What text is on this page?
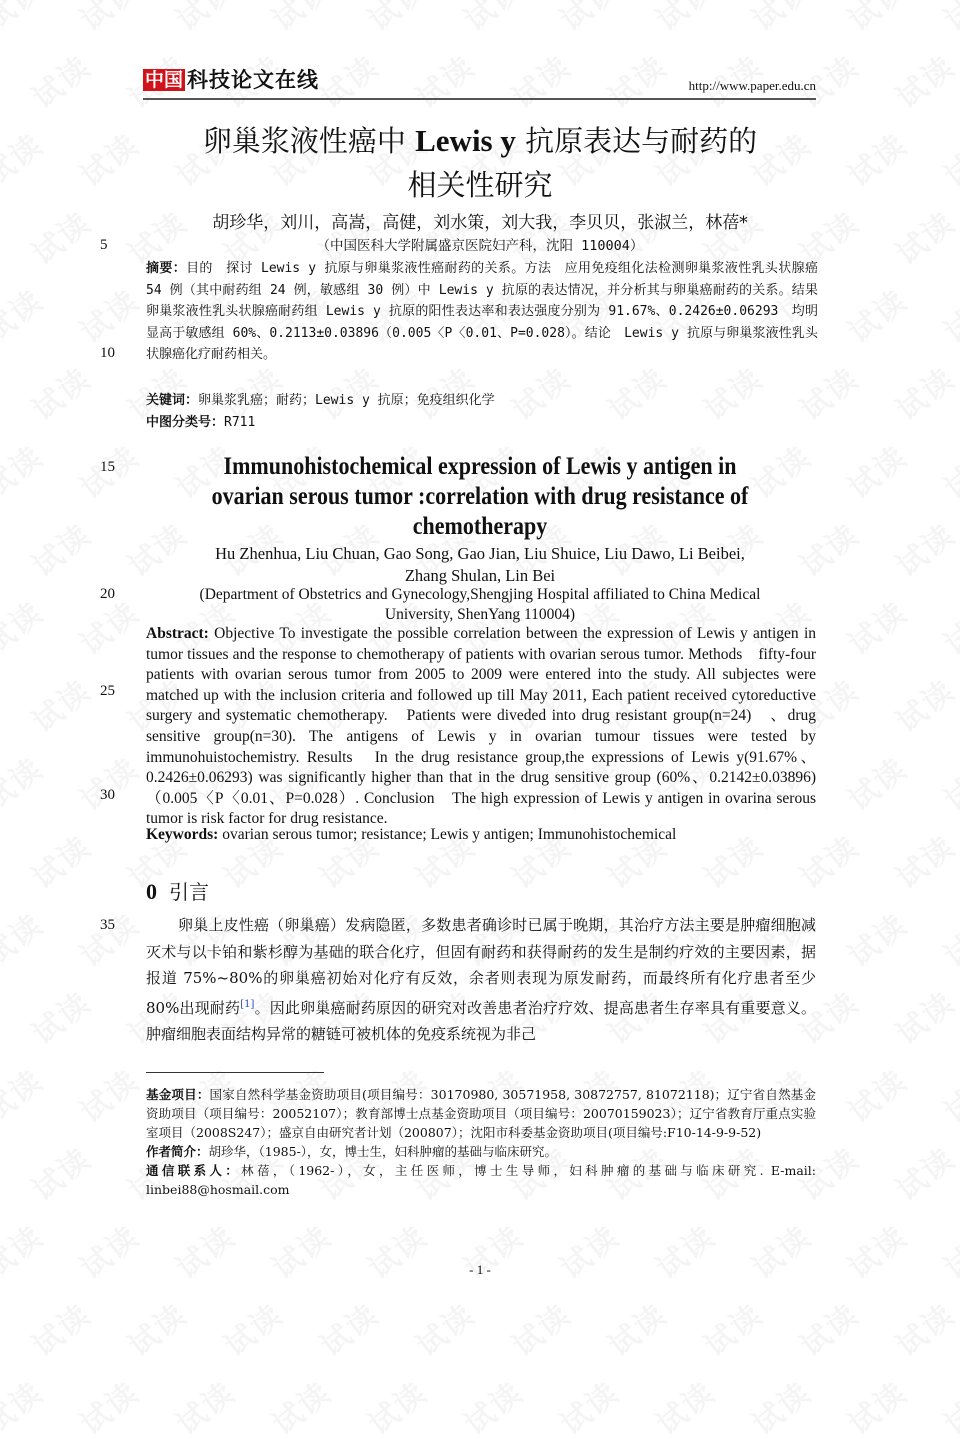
中国 科技论文在线	http://www.paper.edu.cn
卵巢浆液性癌中 Lewis y 抗原表达与耐药的
相关性研究
胡珍华，刘川，高嵩，高健，刘水策，刘大我，李贝贝，张淑兰，林蓓*
（中国医科大学附属盛京医院妇产科，沈阳 110004）
5
10
15
20
25
30
35
摘要：目的　探讨 Lewis y 抗原与卵巢浆液性癌耐药的关系。方法　应用免疫组化法检测卵巢浆液性乳头状腺癌 54 例（其中耐药组 24 例，敏感组 30 例）中 Lewis y 抗原的表达情况，并分析其与卵巢癌耐药的关系。结果　卵巢浆液性乳头状腺癌耐药组 Lewis y 抗原的阳性表达率和表达强度分别为 91.67%、0.2426±0.06293　均明显高于敏感组 60%、0.2113±0.03896（0.005〈P〈0.01、P=0.028）。结论　Lewis y 抗原与卵巢浆液性乳头状腺癌化疗耐药相关。
关键词：卵巢浆乳癌；耐药；Lewis y 抗原；免疫组织化学
中图分类号：R711
Immunohistochemical expression of Lewis y antigen in
ovarian serous tumor :correlation with drug resistance of
chemotherapy
Hu Zhenhua, Liu Chuan, Gao Song, Gao Jian, Liu Shuice, Liu Dawo, Li Beibei,
Zhang Shulan, Lin Bei
(Department of Obstetrics and Gynecology,Shengjing Hospital affiliated to China Medical
University, ShenYang 110004)
Abstract: Objective To investigate the possible correlation between the expression of Lewis y antigen in tumor tissues and the response to chemotherapy of patients with ovarian serous tumor. Methods　fifty-four patients with ovarian serous tumor from 2005 to 2009 were entered into the study. All subjectes were matched up with the inclusion criteria and followed up till May 2011, Each patient received cytoreductive surgery and systematic chemotherapy.　Patients were diveded into drug resistant group(n=24)　、drug sensitive group(n=30). The antigens of Lewis y in ovarian tumour tissues were tested by immunohuistochemistry. Results　In the drug resistance group,the expressions of Lewis y(91.67%、0.2426±0.06293) was significantly higher than that in the drug sensitive group (60%、0.2142±0.03896)（0.005〈P〈0.01、P=0.028）. Conclusion　The high expression of Lewis y antigen in ovarina serous tumor is risk factor for drug resistance.
Keywords: ovarian serous tumor; resistance; Lewis y antigen; Immunohistochemical
0 引言
卵巢上皮性癌（卵巢癌）发病隐匿，多数患者确诊时已属于晚期，其治疗方法主要是肿瘤细胞减灭术与以卡铂和紫杉醇为基础的联合化疗，但固有耐药和获得耐药的发生是制约疗效的主要因素，据报道 75%~80%的卵巢癌初始对化疗有反效，余者则表现为原发耐药，而最终所有化疗患者至少 80%出现耐药[1]。因此卵巢癌耐药原因的研究对改善患者治疗疗效、提高患者生存率具有重要意义。肿瘤细胞表面结构异常的糖链可被机体的免疫系统视为非己

基金项目：国家自然科学基金资助项目(项目编号：30170980, 30571958, 30872757, 81072118)；辽宁省自然基金资助项目（项目编号：20052107）；教育部博士点基金资助项目（项目编号：20070159023）；辽宁省教育厅重点实验室项目（2008S247）；盛京自由研究者计划（200807）；沈阳市科委基金资助项目(项目编号:F10-14-9-9-52)

作者简介：胡珍华，（1985-），女，博士生，妇科肿瘤的基础与临床研究。

通信联系人：林蓓，（1962-），女，主任医师，博士生导师，妇科肿瘤的基础与临床研究. E-mail: linbei88@hosmail.com

- 1 -
